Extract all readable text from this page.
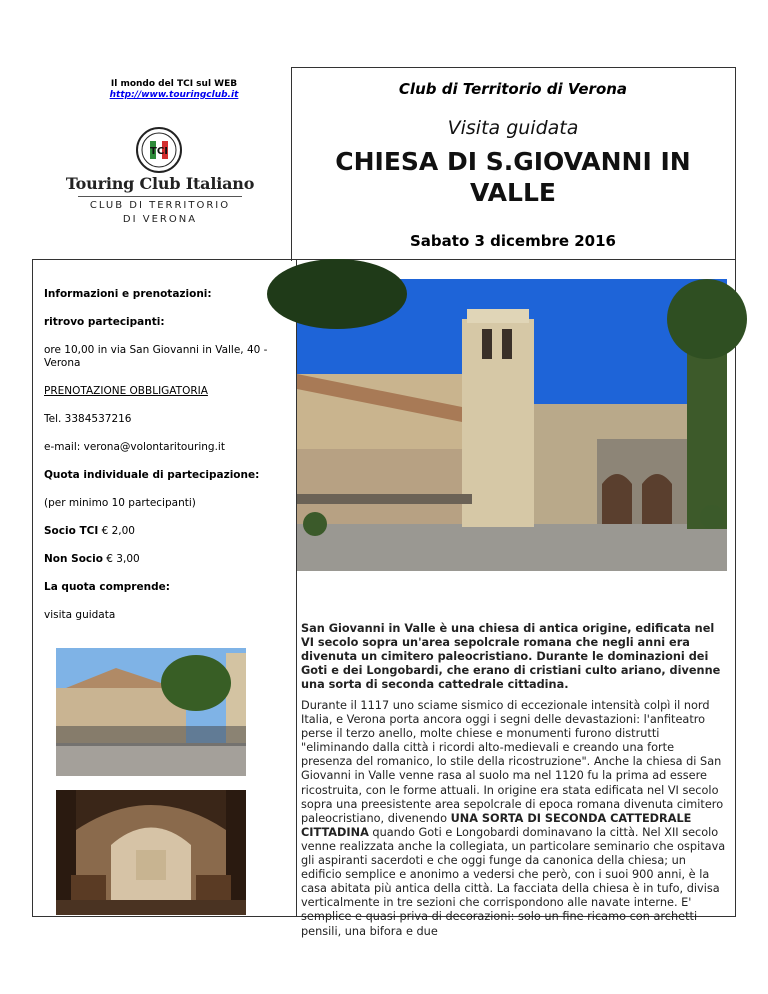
Il mondo del TCI sul WEB
http://www.touringclub.it
TCI
Touring Club Italiano
CLUB DI TERRITORIO
DI VERONA
Club di Territorio di Verona
Visita guidata
CHIESA DI S.GIOVANNI IN VALLE
Sabato 3 dicembre 2016

Informazioni e prenotazioni:

ritrovo partecipanti:

ore 10,00 in via San Giovanni in Valle, 40 - Verona

PRENOTAZIONE OBBLIGATORIA

Tel. 3384537216

e-mail: verona@volontaritouring.it

Quota individuale di partecipazione:

(per minimo 10 partecipanti)

Socio TCI € 2,00

Non Socio € 3,00

La quota comprende:

visita guidata

San Giovanni in Valle è una chiesa di antica origine, edificata nel VI secolo sopra un'area sepolcrale romana che negli anni era divenuta un cimitero paleocristiano. Durante le dominazioni dei Goti e dei Longobardi, che erano di cristiani culto ariano, divenne una sorta di seconda cattedrale cittadina.
Durante il 1117 uno sciame sismico di eccezionale intensità colpì il nord Italia, e Verona porta ancora oggi i segni delle devastazioni: l'anfiteatro perse il terzo anello, molte chiese e monumenti furono distrutti "eliminando dalla città i ricordi alto-medievali e creando una forte presenza del romanico, lo stile della ricostruzione". Anche la chiesa di San Giovanni in Valle venne rasa al suolo ma nel 1120 fu la prima ad essere ricostruita, con le forme attuali. In origine era stata edificata nel VI secolo sopra una preesistente area sepolcrale di epoca romana divenuta cimitero paleocristiano, divenendo UNA SORTA DI SECONDA CATTEDRALE CITTADINA quando Goti e Longobardi dominavano la città. Nel XII secolo venne realizzata anche la collegiata, un particolare seminario che ospitava gli aspiranti sacerdoti e che oggi funge da canonica della chiesa; un edificio semplice e anonimo a vedersi che però, con i suoi 900 anni, è la casa abitata più antica della città. La facciata della chiesa è in tufo, divisa verticalmente in tre sezioni che corrispondono alle navate interne. E' semplice e quasi priva di decorazioni: solo un fine ricamo con archetti pensili, una bifora e due
